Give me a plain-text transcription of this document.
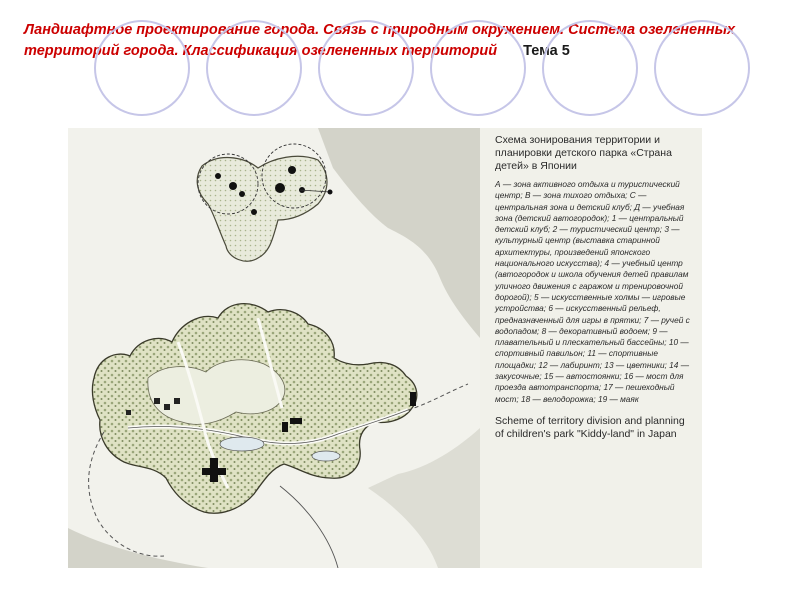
Ландшафтное проектирование города. Связь с природным окружением. Система озелененных территорий города. Классификация озелененных территорий Тема 5
Схема зонирования территории и планировки детского парка «Страна детей» в Японии
А — зона активного отдыха и туристический центр; В — зона тихого отдыха; С — центральная зона и детский клуб; Д — учебная зона (детский автогородок); 1 — центральный детский клуб; 2 — туристический центр; 3 — культурный центр (выставка старинной архитектуры, произведений японского национального искусства); 4 — учебный центр (автогородок и школа обучения детей правилам уличного движения с гаражом и тренировочной дорогой); 5 — искусственные холмы — игровые устройства; 6 — искусственный рельеф, предназначенный для игры в прятки; 7 — ручей с водопадом; 8 — декоративный водоем; 9 — плавательный и плескательный бассейны; 10 — спортивный павильон; 11 — спортивные площадки; 12 — лабиринт; 13 — цветники; 14 — закусочные; 15 — автостоянки; 16 — мост для проезда автотранспорта; 17 — пешеходный мост; 18 — велодорожка; 19 — маяк
Scheme of territory division and planning of children's park "Kiddy-land" in Japan
